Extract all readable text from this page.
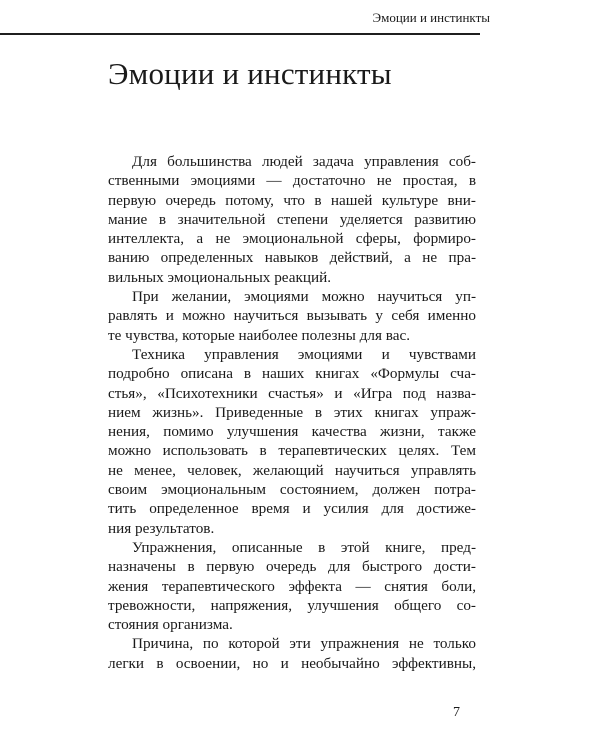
Эмоции и инстинкты
Эмоции и инстинкты
Для большинства людей задача управления соб-
ственными эмоциями — достаточно не простая, в
первую очередь потому, что в нашей культуре вни-
мание в значительной степени уделяется развитию
интеллекта, а не эмоциональной сферы, формиро-
ванию определенных навыков действий, а не пра-
вильных эмоциональных реакций.
При желании, эмоциями можно научиться уп-
равлять и можно научиться вызывать у себя именно
те чувства, которые наиболее полезны для вас.
Техника управления эмоциями и чувствами
подробно описана в наших книгах «Формулы сча-
стья», «Психотехники счастья» и «Игра под назва-
нием жизнь». Приведенные в этих книгах упраж-
нения, помимо улучшения качества жизни, также
можно использовать в терапевтических целях. Тем
не менее, человек, желающий научиться управлять
своим эмоциональным состоянием, должен потра-
тить определенное время и усилия для достиже-
ния результатов.
Упражнения, описанные в этой книге, пред-
назначены в первую очередь для быстрого дости-
жения терапевтического эффекта — снятия боли,
тревожности, напряжения, улучшения общего со-
стояния организма.
Причина, по которой эти упражнения не только
легки в освоении, но и необычайно эффективны,
7
